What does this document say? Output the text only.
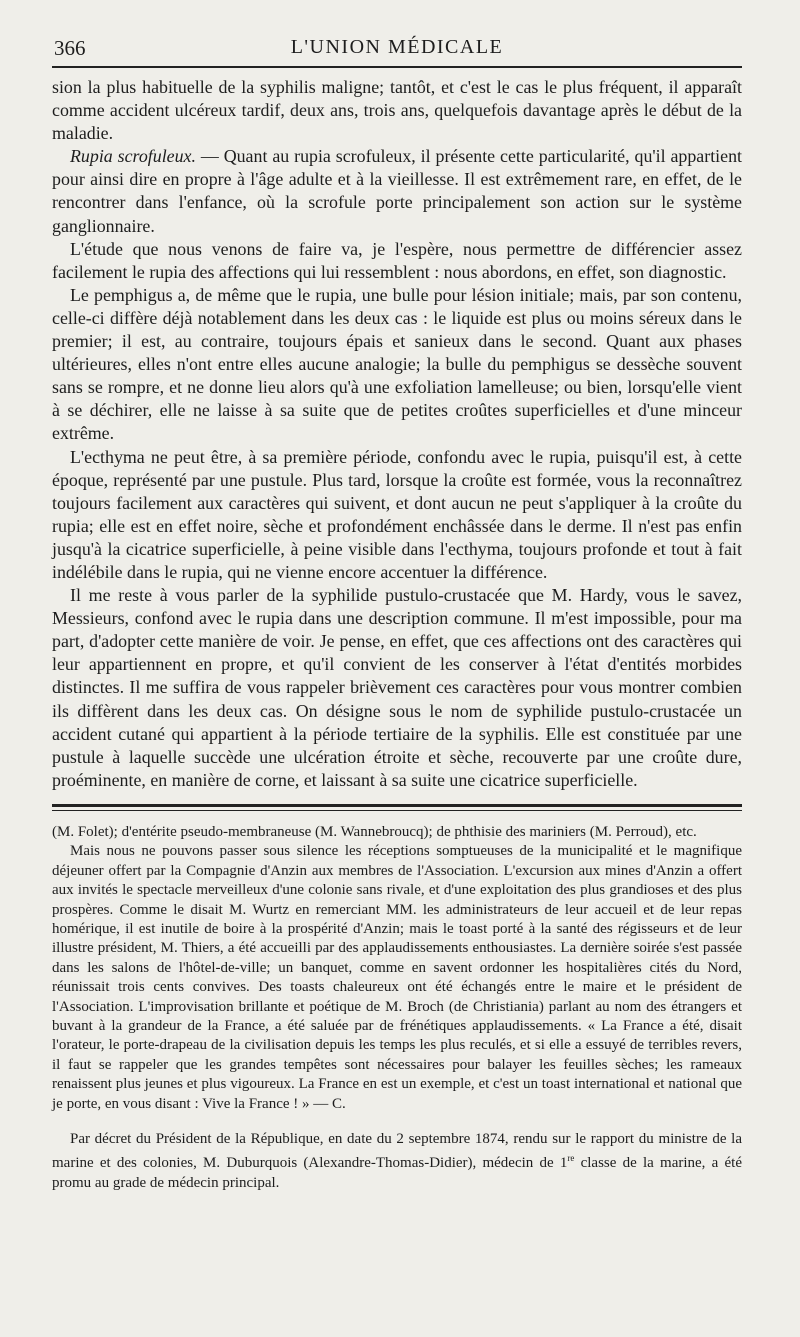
366	L'UNION MÉDICALE

sion la plus habituelle de la syphilis maligne; tantôt, et c'est le cas le plus fréquent, il apparaît comme accident ulcéreux tardif, deux ans, trois ans, quelquefois davantage après le début de la maladie.

Rupia scrofuleux. — Quant au rupia scrofuleux, il présente cette particularité, qu'il appartient pour ainsi dire en propre à l'âge adulte et à la vieillesse. Il est extrêmement rare, en effet, de le rencontrer dans l'enfance, où la scrofule porte principalement son action sur le système ganglionnaire.

L'étude que nous venons de faire va, je l'espère, nous permettre de différencier assez facilement le rupia des affections qui lui ressemblent : nous abordons, en effet, son diagnostic.

Le pemphigus a, de même que le rupia, une bulle pour lésion initiale; mais, par son contenu, celle-ci diffère déjà notablement dans les deux cas : le liquide est plus ou moins séreux dans le premier; il est, au contraire, toujours épais et sanieux dans le second. Quant aux phases ultérieures, elles n'ont entre elles aucune analogie; la bulle du pemphigus se dessèche souvent sans se rompre, et ne donne lieu alors qu'à une exfoliation lamelleuse; ou bien, lorsqu'elle vient à se déchirer, elle ne laisse à sa suite que de petites croûtes superficielles et d'une minceur extrême.

L'ecthyma ne peut être, à sa première période, confondu avec le rupia, puisqu'il est, à cette époque, représenté par une pustule. Plus tard, lorsque la croûte est formée, vous la reconnaîtrez toujours facilement aux caractères qui suivent, et dont aucun ne peut s'appliquer à la croûte du rupia; elle est en effet noire, sèche et profondément enchâssée dans le derme. Il n'est pas enfin jusqu'à la cicatrice superficielle, à peine visible dans l'ecthyma, toujours profonde et tout à fait indélébile dans le rupia, qui ne vienne encore accentuer la différence.

Il me reste à vous parler de la syphilide pustulo-crustacée que M. Hardy, vous le savez, Messieurs, confond avec le rupia dans une description commune. Il m'est impossible, pour ma part, d'adopter cette manière de voir. Je pense, en effet, que ces affections ont des caractères qui leur appartiennent en propre, et qu'il convient de les conserver à l'état d'entités morbides distinctes. Il me suffira de vous rappeler brièvement ces caractères pour vous montrer combien ils diffèrent dans les deux cas. On désigne sous le nom de syphilide pustulo-crustacée un accident cutané qui appartient à la période tertiaire de la syphilis. Elle est constituée par une pustule à laquelle succède une ulcération étroite et sèche, recouverte par une croûte dure, proéminente, en manière de corne, et laissant à sa suite une cicatrice superficielle.

(M. Folet); d'entérite pseudo-membraneuse (M. Wannebroucq); de phthisie des mariniers (M. Perroud), etc.

Mais nous ne pouvons passer sous silence les réceptions somptueuses de la municipalité et le magnifique déjeuner offert par la Compagnie d'Anzin aux membres de l'Association. L'excursion aux mines d'Anzin a offert aux invités le spectacle merveilleux d'une colonie sans rivale, et d'une exploitation des plus grandioses et des plus prospères. Comme le disait M. Wurtz en remerciant MM. les administrateurs de leur accueil et de leur repas homérique, il est inutile de boire à la prospérité d'Anzin; mais le toast porté à la santé des régisseurs et de leur illustre président, M. Thiers, a été accueilli par des applaudissements enthousiastes. La dernière soirée s'est passée dans les salons de l'hôtel-de-ville; un banquet, comme en savent ordonner les hospitalières cités du Nord, réunissait trois cents convives. Des toasts chaleureux ont été échangés entre le maire et le président de l'Association. L'improvisation brillante et poétique de M. Broch (de Christiania) parlant au nom des étrangers et buvant à la grandeur de la France, a été saluée par de frénétiques applaudissements. « La France a été, disait l'orateur, le porte-drapeau de la civilisation depuis les temps les plus reculés, et si elle a essuyé de terribles revers, il faut se rappeler que les grandes tempêtes sont nécessaires pour balayer les feuilles sèches; les rameaux renaissent plus jeunes et plus vigoureux. La France en est un exemple, et c'est un toast international et national que je porte, en vous disant : Vive la France ! » — C.

Par décret du Président de la République, en date du 2 septembre 1874, rendu sur le rapport du ministre de la marine et des colonies, M. Duburquois (Alexandre-Thomas-Didier), médecin de 1re classe de la marine, a été promu au grade de médecin principal.
